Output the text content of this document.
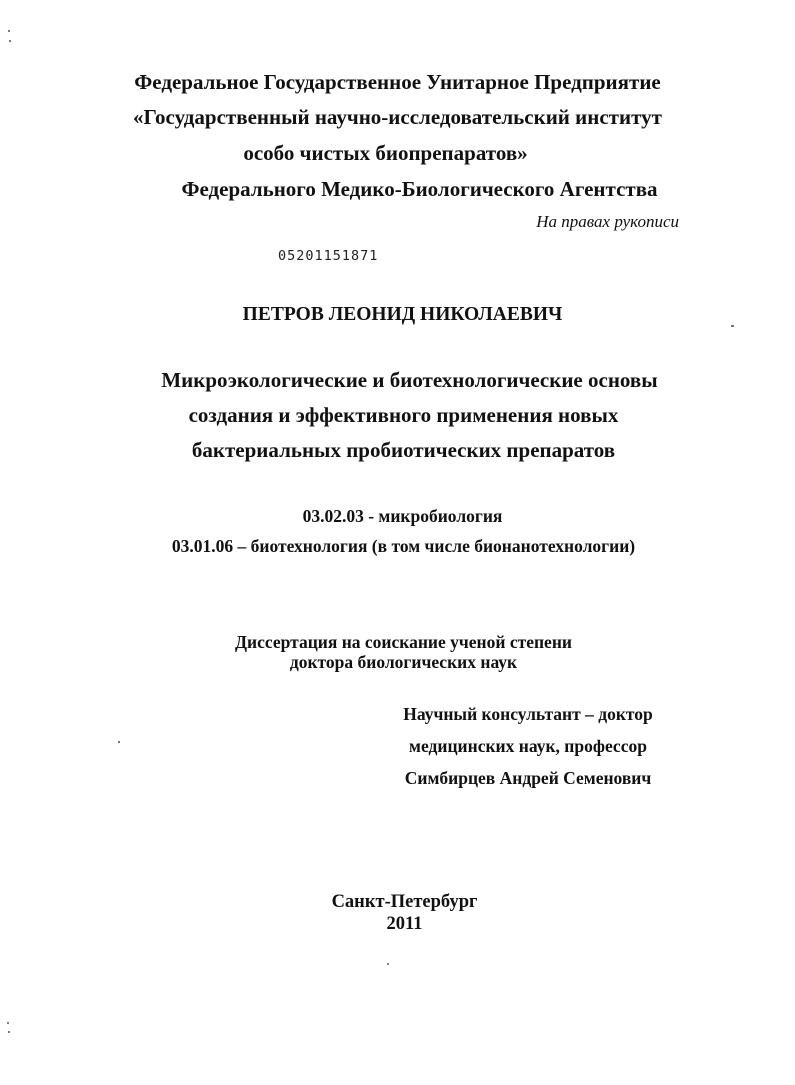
Федеральное Государственное Унитарное Предприятие
«Государственный научно-исследовательский институт
особо чистых биопрепаратов»
Федерального Медико-Биологического Агентства
На правах рукописи
05201151871
ПЕТРОВ ЛЕОНИД НИКОЛАЕВИЧ
Микроэкологические и биотехнологические основы
создания и эффективного применения новых
бактериальных пробиотических препаратов
03.02.03 - микробиология
03.01.06 – биотехнология (в том числе бионанотехнологии)
Диссертация на соискание ученой степени
доктора биологических наук
Научный консультант – доктор
медицинских наук, профессор
Симбирцев Андрей Семенович
Санкт-Петербург
2011
